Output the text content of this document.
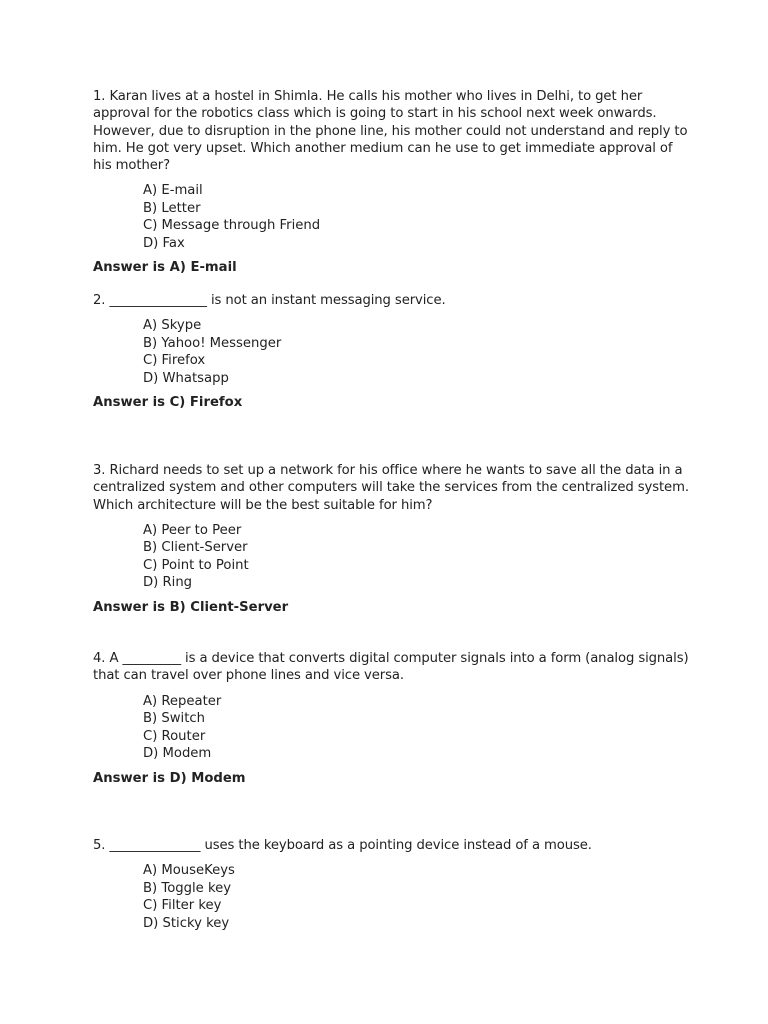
1. Karan lives at a hostel in Shimla. He calls his mother who lives in Delhi, to get her approval for the robotics class which is going to start in his school next week onwards. However, due to disruption in the phone line, his mother could not understand and reply to him. He got very upset. Which another medium can he use to get immediate approval of his mother?

A) E-mail
B) Letter
C) Message through Friend
D) Fax

Answer is A) E-mail

2. _______________ is not an instant messaging service.

A) Skype
B) Yahoo! Messenger
C) Firefox
D) Whatsapp

Answer is C) Firefox

3. Richard needs to set up a network for his office where he wants to save all the data in a centralized system and other computers will take the services from the centralized system. Which architecture will be the best suitable for him?

A) Peer to Peer
B) Client-Server
C) Point to Point
D) Ring

Answer is B) Client-Server

4. A _________ is a device that converts digital computer signals into a form (analog signals) that can travel over phone lines and vice versa.

A) Repeater
B) Switch
C) Router
D) Modem

Answer is D) Modem

5. ______________ uses the keyboard as a pointing device instead of a mouse.

A) MouseKeys
B) Toggle key
C) Filter key
D) Sticky key
